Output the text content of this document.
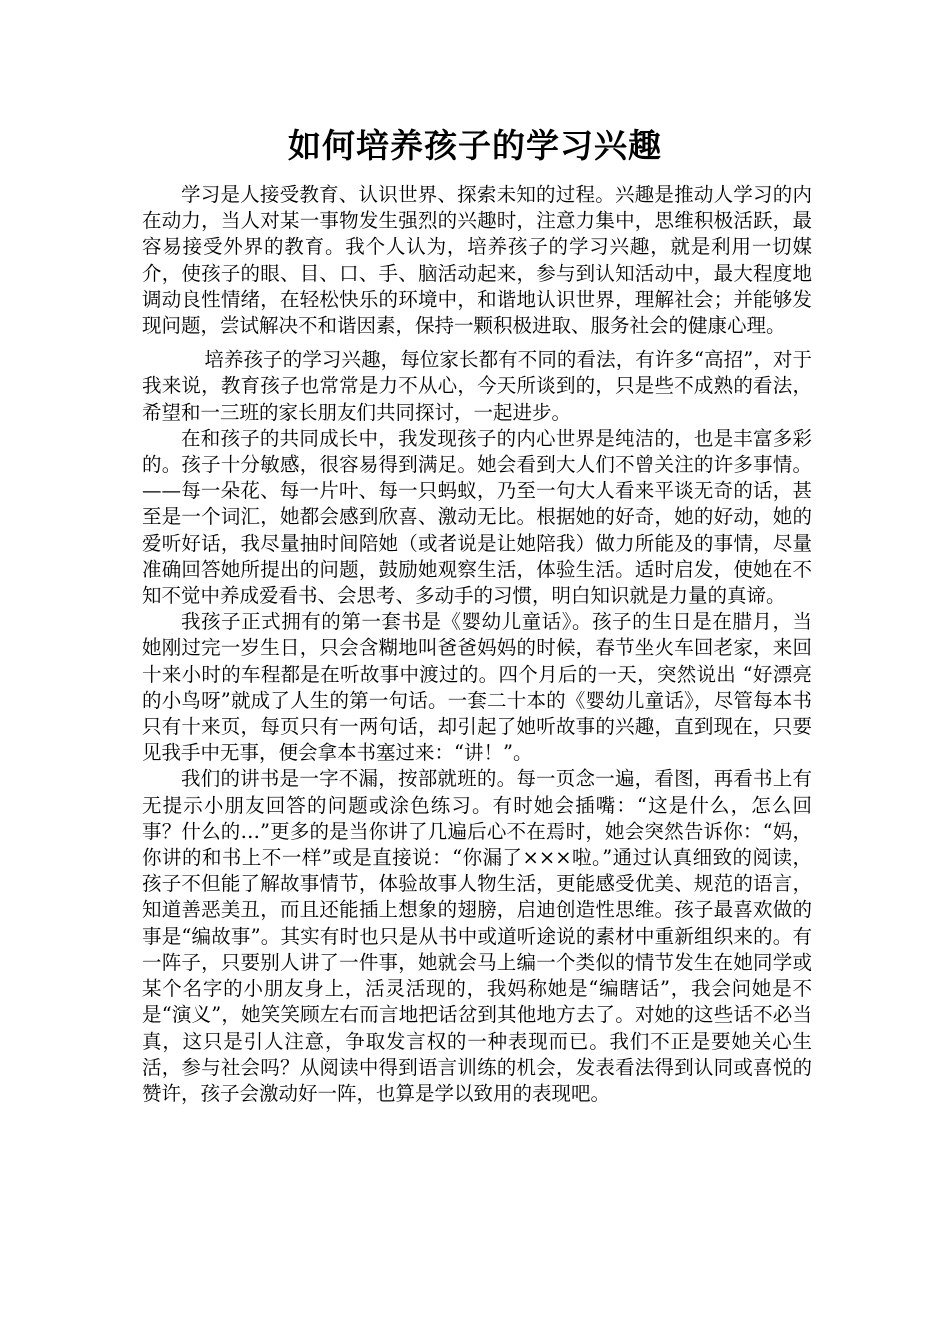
如何培养孩子的学习兴趣

学习是人接受教育、认识世界、探索未知的过程。兴趣是推动人学习的内在动力，当人对某一事物发生强烈的兴趣时，注意力集中，思维积极活跃，最容易接受外界的教育。我个人认为，培养孩子的学习兴趣，就是利用一切媒介，使孩子的眼、目、口、手、脑活动起来，参与到认知活动中，最大程度地调动良性情绪，在轻松快乐的环境中，和谐地认识世界，理解社会；并能够发现问题，尝试解决不和谐因素，保持一颗积极进取、服务社会的健康心理。

培养孩子的学习兴趣，每位家长都有不同的看法，有许多“高招”，对于我来说，教育孩子也常常是力不从心，今天所谈到的，只是些不成熟的看法，希望和一三班的家长朋友们共同探讨，一起进步。

在和孩子的共同成长中，我发现孩子的内心世界是纯洁的，也是丰富多彩的。孩子十分敏感，很容易得到满足。她会看到大人们不曾关注的许多事情。——每一朵花、每一片叶、每一只蚂蚁，乃至一句大人看来平谈无奇的话，甚至是一个词汇，她都会感到欣喜、激动无比。根据她的好奇，她的好动，她的爱听好话，我尽量抽时间陪她（或者说是让她陪我）做力所能及的事情，尽量准确回答她所提出的问题，鼓励她观察生活，体验生活。适时启发，使她在不知不觉中养成爱看书、会思考、多动手的习惯，明白知识就是力量的真谛。

我孩子正式拥有的第一套书是《婴幼儿童话》。孩子的生日是在腊月，当她刚过完一岁生日，只会含糊地叫爸爸妈妈的时候，春节坐火车回老家，来回十来小时的车程都是在听故事中渡过的。四个月后的一天，突然说出 “好漂亮的小鸟呀”就成了人生的第一句话。一套二十本的《婴幼儿童话》，尽管每本书只有十来页，每页只有一两句话，却引起了她听故事的兴趣，直到现在，只要见我手中无事，便会拿本书塞过来：“讲！”。

我们的讲书是一字不漏，按部就班的。每一页念一遍，看图，再看书上有无提示小朋友回答的问题或涂色练习。有时她会插嘴：“这是什么，怎么回事？什么的…”更多的是当你讲了几遍后心不在焉时，她会突然告诉你：“妈，你讲的和书上不一样”或是直接说：“你漏了×××啦。”通过认真细致的阅读，孩子不但能了解故事情节，体验故事人物生活，更能感受优美、规范的语言，知道善恶美丑，而且还能插上想象的翅膀，启迪创造性思维。孩子最喜欢做的事是“编故事”。其实有时也只是从书中或道听途说的素材中重新组织来的。有一阵子，只要别人讲了一件事，她就会马上编一个类似的情节发生在她同学或某个名字的小朋友身上，活灵活现的，我妈称她是“编瞎话”，我会问她是不是“演义”，她笑笑顾左右而言地把话岔到其他地方去了。对她的这些话不必当真，这只是引人注意，争取发言权的一种表现而已。我们不正是要她关心生活，参与社会吗？从阅读中得到语言训练的机会，发表看法得到认同或喜悦的赞许，孩子会激动好一阵，也算是学以致用的表现吧。
